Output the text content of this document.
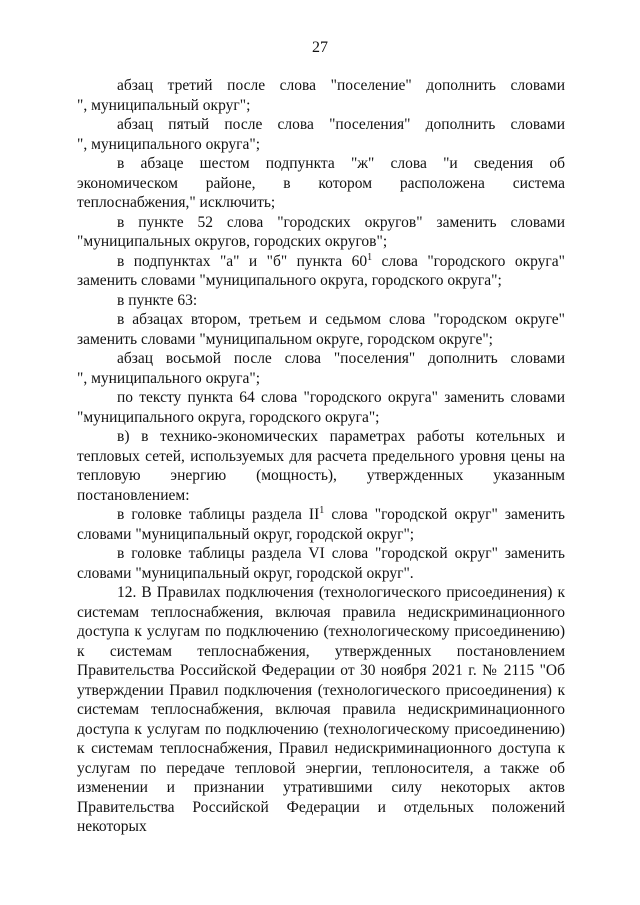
27

абзац третий после слова "поселение" дополнить словами

", муниципальный округ";

абзац пятый после слова "поселения" дополнить словами

", муниципального округа";

в абзаце шестом подпункта "ж" слова "и сведения об экономическом районе, в котором расположена система теплоснабжения," исключить;

в пункте 52 слова "городских округов" заменить словами "муниципальных округов, городских округов";

в подпунктах "а" и "б" пункта $60^1$ слова "городского округа" заменить словами "муниципального округа, городского округа";

в пункте 63:

в абзацах втором, третьем и седьмом слова "городском округе" заменить словами "муниципальном округе, городском округе";

абзац восьмой после слова "поселения" дополнить словами

", муниципального округа";

по тексту пункта 64 слова "городского округа" заменить словами "муниципального округа, городского округа";

в) в технико-экономических параметрах работы котельных и тепловых сетей, используемых для расчета предельного уровня цены на тепловую энергию (мощность), утвержденных указанным постановлением:

в головке таблицы раздела $II^1$ слова "городской округ" заменить словами "муниципальный округ, городской округ";

в головке таблицы раздела VI слова "городской округ" заменить словами "муниципальный округ, городской округ".

12. В Правилах подключения (технологического присоединения) к системам теплоснабжения, включая правила недискриминационного доступа к услугам по подключению (технологическому присоединению) к системам теплоснабжения, утвержденных постановлением Правительства Российской Федерации от 30 ноября 2021 г. № 2115 "Об утверждении Правил подключения (технологического присоединения) к системам теплоснабжения, включая правила недискриминационного доступа к услугам по подключению (технологическому присоединению) к системам теплоснабжения, Правил недискриминационного доступа к услугам по передаче тепловой энергии, теплоносителя, а также об изменении и признании утратившими силу некоторых актов Правительства Российской Федерации и отдельных положений некоторых
